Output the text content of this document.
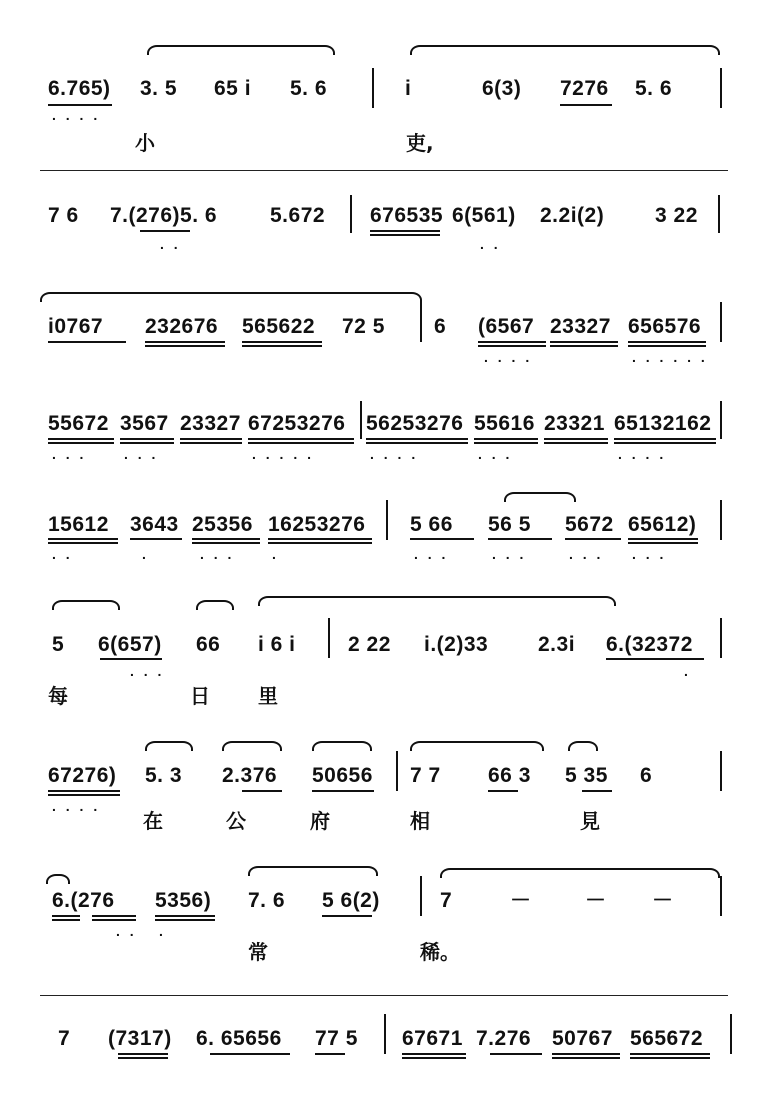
6.765) 3. 5 65 i 5. 6	i	6(3) 7276 5. 6
. . . .
小	吏,
7 6 7.(276)5. 6	5.672 676535 6(561) 2.2i(2) 3 22
. .	. .
i0767 232676 565622 72 5 6 (6567 23327 656576
. . . .	. . . . . .
55672 3567 23327 67253276 56253276 55616 23321 65132162
. . .	. . .	. . . . .	. . . .	. . .	. . . .
15612 3643 25356 16253276 5 66 56 5 5672 65612)
. .	.	. . .	.	. . .	. . .	. . . . . .
5 6(657) 66 i 6 i 2 22 i.(2)33 2.3i 6.(32372
. . .	.
每	日 里
67276) 5. 3 2.376 50656 7 7 66 3 5 35 6
. . . .
在	公	府	相	見
6.(276 5356) 7. 6 5 6(2)	7	－	－ －
. . .
常	稀。
7 (7317) 6. 65656 77 5 67671 7.276 50767 565672
